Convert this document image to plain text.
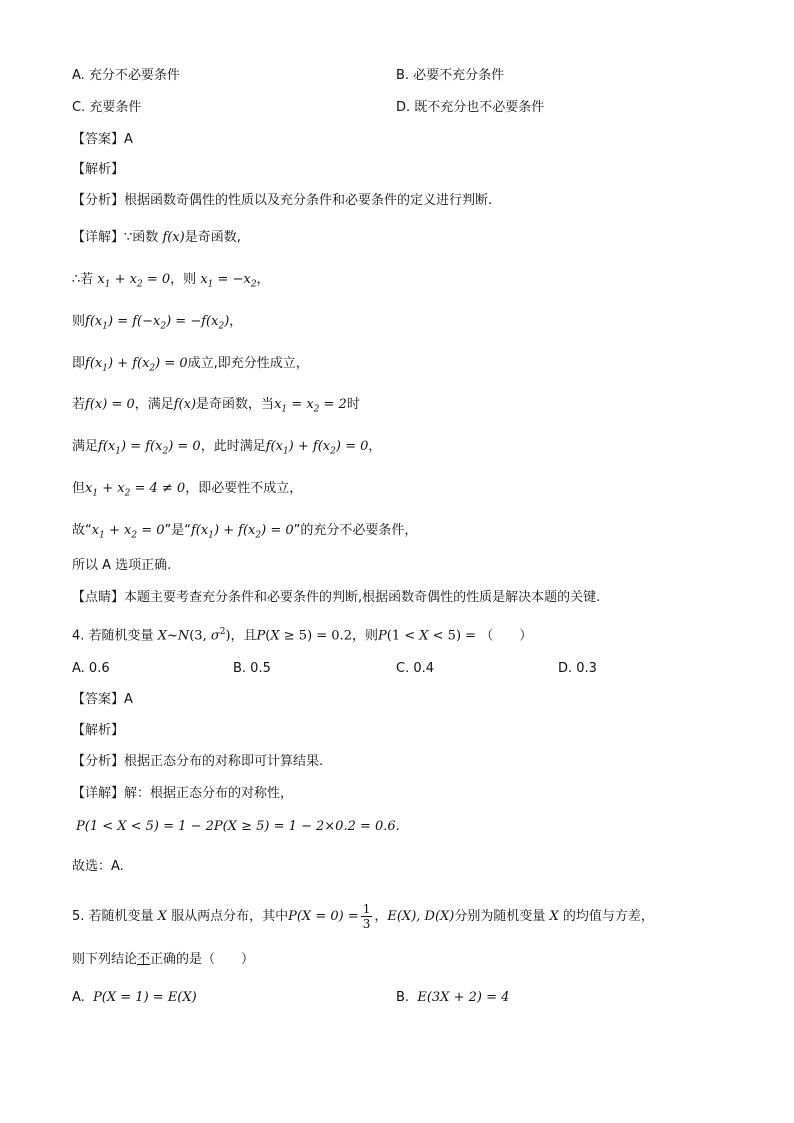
A. 充分不必要条件	B. 必要不充分条件
C. 充要条件	D. 既不充分也不必要条件
【答案】A
【解析】
【分析】根据函数奇偶性的性质以及充分条件和必要条件的定义进行判断.
【详解】∵函数 f(x)是奇函数,
∴若 $x_1 + x_2 = 0$，则 $x_1 = -x_2$，
则$f(x_1) = f(-x_2) = -f(x_2)$，
即$f(x_1) + f(x_2) = 0$成立,即充分性成立，
若f(x) = 0，满足f(x)是奇函数，当$x_1 = x_2 = 2$时
满足$f(x_1) = f(x_2) = 0$，此时满足$f(x_1) + f(x_2) = 0$，
但$x_1 + x_2 = 4 \ne 0$，即必要性不成立，
故“$x_1 + x_2 = 0$”是“$f(x_1) + f(x_2) = 0$”的充分不必要条件，
所以 A 选项正确.
【点睛】本题主要考查充分条件和必要条件的判断,根据函数奇偶性的性质是解决本题的关键.
4. 若随机变量 X~N(3, $\sigma^2$)，且P(X ≥ 5) = 0.2，则P(1 < X < 5) = （　　）
A. 0.6	B. 0.5	C. 0.4	D. 0.3
【答案】A
【解析】
【分析】根据正态分布的对称即可计算结果.
【详解】解：根据正态分布的对称性，
P(1 < X < 5) = 1 − 2P(X ≥ 5) = 1 − 2×0.2 = 0.6.
故选：A.
5. 若随机变量 X 服从两点分布，其中$P(X = 0) = \frac{1}{3}$ ，E(X), D(X)分别为随机变量 X 的均值与方差，
则下列结论不正确的是（　　）
A. P(X = 1) = E(X)	B. E(3X + 2) = 4
